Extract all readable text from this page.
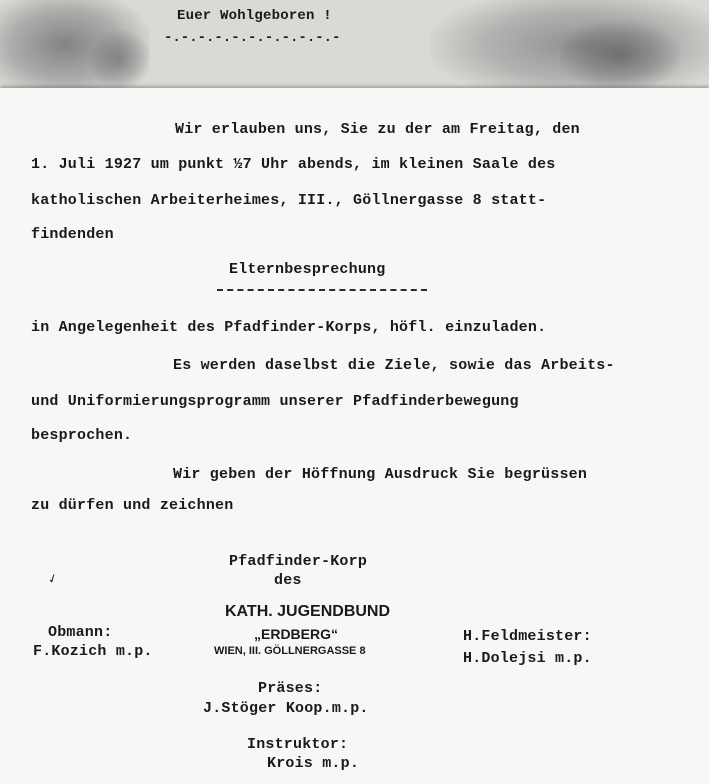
Euer Wohlgeboren !
-.-.-.-.-.-.-.-.-.-.-
Wir erlauben uns, Sie zu der am Freitag, den
1. Juli 1927 um punkt ½7 Uhr abends, im kleinen Saale des
katholischen Arbeiterheimes, III., Göllnergasse 8 statt-
findenden
Elternbesprechung
in Angelegenheit des Pfadfinder-Korps, höfl. einzuladen.
Es werden daselbst die Ziele, sowie das Arbeits-
und Uniformierungsprogramm unserer Pfadfinderbewegung
besprochen.
Wir geben der Höffnung Ausdruck Sie begrüssen
zu dürfen und zeichnen
✓
Pfadfinder-Korp
des
KATH. JUGENDBUND
„ERDBERG“
WIEN, III. GÖLLNERGASSE 8
Obmann:
F.Kozich m.p.
H.Feldmeister:
H.Dolejsi m.p.
Präses:
J.Stöger Koop.m.p.
Instruktor:
Krois m.p.
